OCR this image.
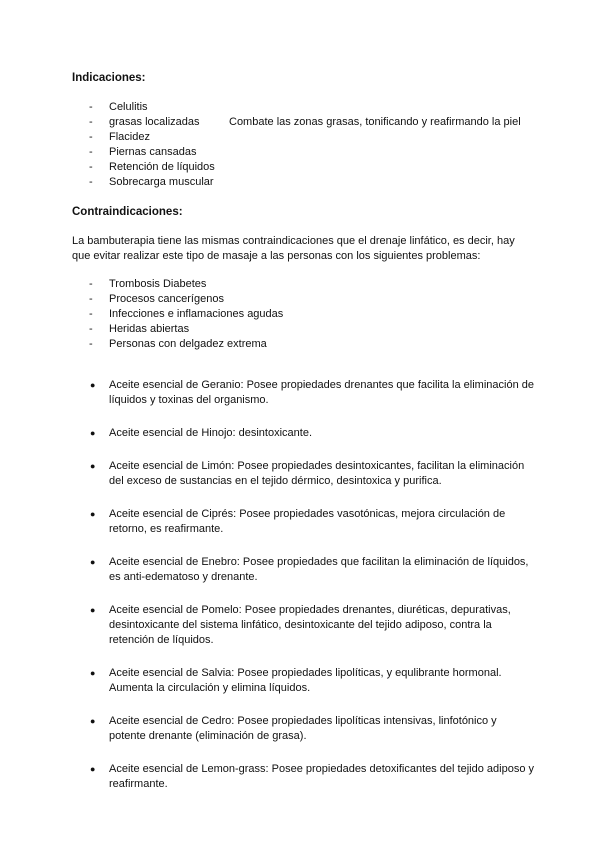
Indicaciones:
- Celulitis
- grasas localizadas	Combate las zonas grasas, tonificando y reafirmando la piel
- Flacidez
- Piernas cansadas
- Retención de líquidos
- Sobrecarga muscular
Contraindicaciones:
La bambuterapia tiene las mismas contraindicaciones que el drenaje linfático, es decir, hay que evitar realizar este tipo de masaje a las personas con los siguientes problemas:
- Trombosis Diabetes
- Procesos cancerígenos
- Infecciones e inflamaciones agudas
- Heridas abiertas
- Personas con delgadez extrema
● Aceite esencial de Geranio: Posee propiedades drenantes que facilita la eliminación de líquidos y toxinas del organismo.
● Aceite esencial de Hinojo: desintoxicante.
● Aceite esencial de Limón: Posee propiedades desintoxicantes, facilitan la eliminación del exceso de sustancias en el tejido dérmico, desintoxica y purifica.
● Aceite esencial de Ciprés: Posee propiedades vasotónicas, mejora circulación de retorno, es reafirmante.
● Aceite esencial de Enebro: Posee propiedades que facilitan la eliminación de líquidos, es anti-edematoso y drenante.
● Aceite esencial de Pomelo: Posee propiedades drenantes, diuréticas, depurativas, desintoxicante del sistema linfático, desintoxicante del tejido adiposo, contra la retención de líquidos.
● Aceite esencial de Salvia: Posee propiedades lipolíticas, y equlibrante hormonal. Aumenta la circulación y elimina líquidos.
● Aceite esencial de Cedro: Posee propiedades lipolíticas intensivas, linfotónico y potente drenante (eliminación de grasa).
● Aceite esencial de Lemon-grass: Posee propiedades detoxificantes del tejido adiposo y reafirmante.
